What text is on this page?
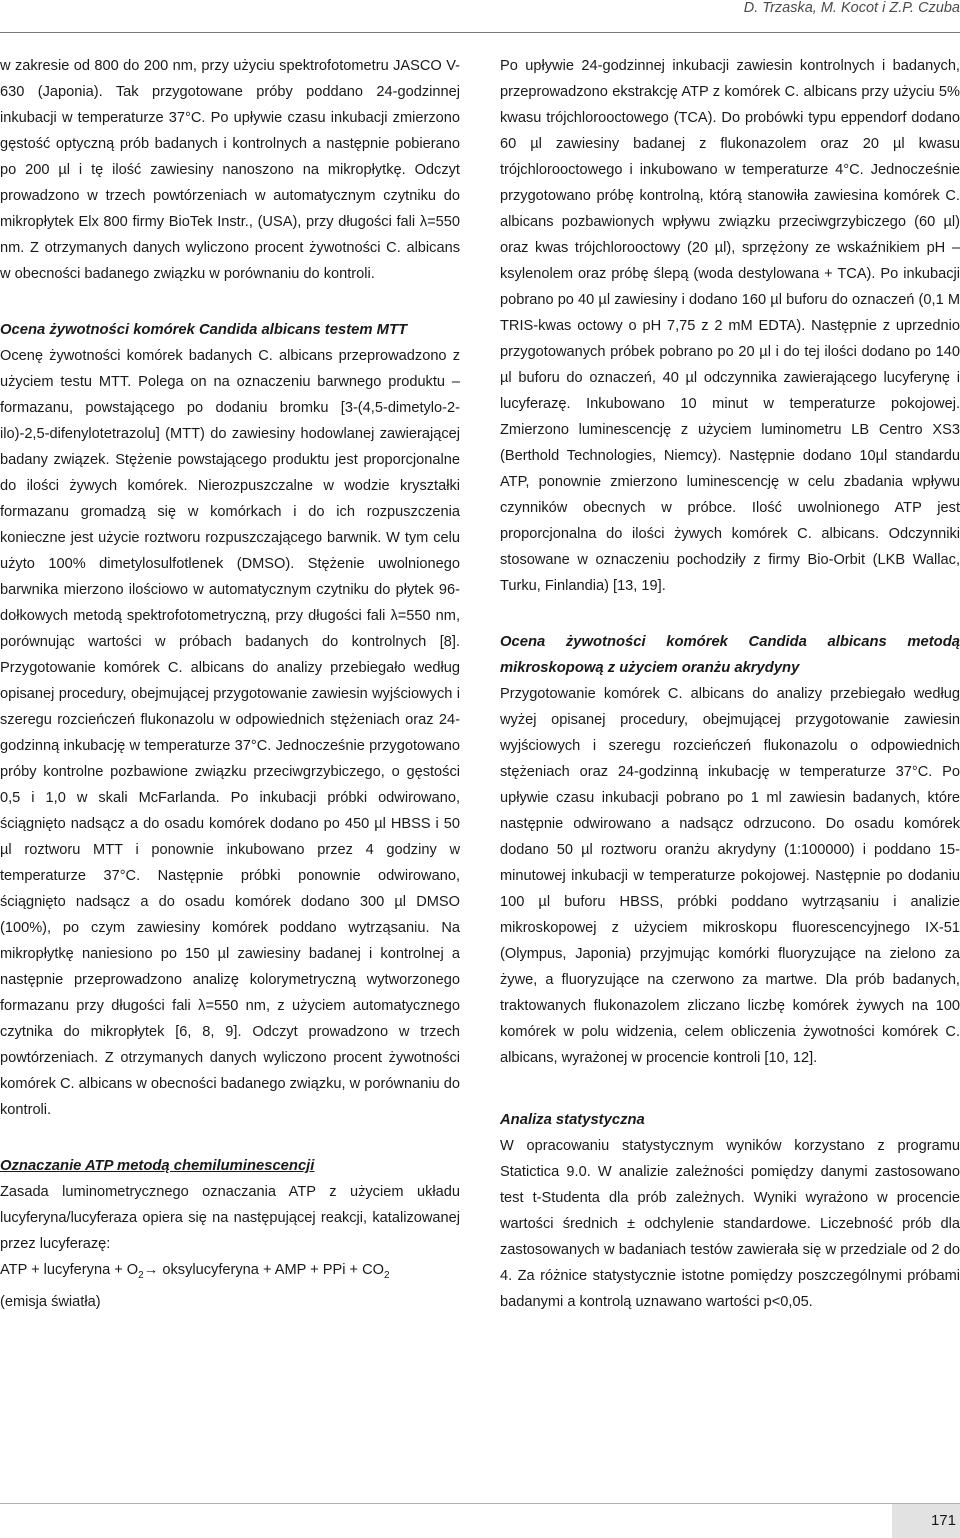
D. Trzaska, M. Kocot i Z.P. Czuba

w zakresie od 800 do 200 nm, przy użyciu spektrofotometru JASCO V-630 (Japonia). Tak przygotowane próby poddano 24-godzinnej inkubacji w temperaturze 37°C. Po upływie czasu inkubacji zmierzono gęstość optyczną prób badanych i kontrolnych a następnie pobierano po 200 µl i tę ilość zawiesiny nanoszono na mikropłytkę. Odczyt prowadzono w trzech powtórzeniach w automatycznym czytniku do mikropłytek Elx 800 firmy BioTek Instr., (USA), przy długości fali λ=550 nm. Z otrzymanych danych wyliczono procent żywotności C. albicans w obecności badanego związku w porównaniu do kontroli.

Ocena żywotności komórek Candida albicans testem MTT

Ocenę żywotności komórek badanych C. albicans przeprowadzono z użyciem testu MTT. Polega on na oznaczeniu barwnego produktu – formazanu, powstającego po dodaniu bromku [3-(4,5-dimetylo-2-ilo)-2,5-difenylotetrazolu] (MTT) do zawiesiny hodowlanej zawierającej badany związek. Stężenie powstającego produktu jest proporcjonalne do ilości żywych komórek. Nierozpuszczalne w wodzie kryształki formazanu gromadzą się w komórkach i do ich rozpuszczenia konieczne jest użycie roztworu rozpuszczającego barwnik. W tym celu użyto 100% dimetylosulfotlenek (DMSO). Stężenie uwolnionego barwnika mierzono ilościowo w automatycznym czytniku do płytek 96-dołkowych metodą spektrofotometryczną, przy długości fali λ=550 nm, porównując wartości w próbach badanych do kontrolnych [8]. Przygotowanie komórek C. albicans do analizy przebiegało według opisanej procedury, obejmującej przygotowanie zawiesin wyjściowych i szeregu rozcieńczeń flukonazolu w odpowiednich stężeniach oraz 24-godzinną inkubację w temperaturze 37°C. Jednocześnie przygotowano próby kontrolne pozbawione związku przeciwgrzybiczego, o gęstości 0,5 i 1,0 w skali McFarlanda. Po inkubacji próbki odwirowano, ściągnięto nadsącz a do osadu komórek dodano po 450 µl HBSS i 50 µl roztworu MTT i ponownie inkubowano przez 4 godziny w temperaturze 37°C. Następnie próbki ponownie odwirowano, ściągnięto nadsącz a do osadu komórek dodano 300 µl DMSO (100%), po czym zawiesiny komórek poddano wytrząsaniu. Na mikropłytkę naniesiono po 150 µl zawiesiny badanej i kontrolnej a następnie przeprowadzono analizę kolorymetryczną wytworzonego formazanu przy długości fali λ=550 nm, z użyciem automatycznego czytnika do mikropłytek [6, 8, 9]. Odczyt prowadzono w trzech powtórzeniach. Z otrzymanych danych wyliczono procent żywotności komórek C. albicans w obecności badanego związku, w porównaniu do kontroli.

Oznaczanie ATP metodą chemiluminescencji

Zasada luminometrycznego oznaczania ATP z użyciem układu lucyferyna/lucyferaza opiera się na następującej reakcji, katalizowanej przez lucyferazę:

ATP + lucyferyna + $O_2\to$ oksylucyferyna + AMP + PPi + $CO_2$

(emisja światła)

Po upływie 24-godzinnej inkubacji zawiesin kontrolnych i badanych, przeprowadzono ekstrakcję ATP z komórek C. albicans przy użyciu 5% kwasu trójchlorooctowego (TCA). Do probówki typu eppendorf dodano 60 µl zawiesiny badanej z flukonazolem oraz 20 µl kwasu trójchlorooctowego i inkubowano w temperaturze 4°C. Jednocześnie przygotowano próbę kontrolną, którą stanowiła zawiesina komórek C. albicans pozbawionych wpływu związku przeciwgrzybiczego (60 µl) oraz kwas trójchlorooctowy (20 µl), sprzężony ze wskaźnikiem pH – ksylenolem oraz próbę ślepą (woda destylowana + TCA). Po inkubacji pobrano po 40 µl zawiesiny i dodano 160 µl buforu do oznaczeń (0,1 M TRIS-kwas octowy o pH 7,75 z 2 mM EDTA). Następnie z uprzednio przygotowanych próbek pobrano po 20 µl i do tej ilości dodano po 140 µl buforu do oznaczeń, 40 µl odczynnika zawierającego lucyferynę i lucyferazę. Inkubowano 10 minut w temperaturze pokojowej. Zmierzono luminescencję z użyciem luminometru LB Centro XS3 (Berthold Technologies, Niemcy). Następnie dodano 10µl standardu ATP, ponownie zmierzono luminescencję w celu zbadania wpływu czynników obecnych w próbce. Ilość uwolnionego ATP jest proporcjonalna do ilości żywych komórek C. albicans. Odczynniki stosowane w oznaczeniu pochodziły z firmy Bio-Orbit (LKB Wallac, Turku, Finlandia) [13, 19].

Ocena żywotności komórek Candida albicans metodą mikroskopową z użyciem oranżu akrydyny

Przygotowanie komórek C. albicans do analizy przebiegało według wyżej opisanej procedury, obejmującej przygotowanie zawiesin wyjściowych i szeregu rozcieńczeń flukonazolu o odpowiednich stężeniach oraz 24-godzinną inkubację w temperaturze 37°C. Po upływie czasu inkubacji pobrano po 1 ml zawiesin badanych, które następnie odwirowano a nadsącz odrzucono. Do osadu komórek dodano 50 µl roztworu oranżu akrydyny (1:100000) i poddano 15-minutowej inkubacji w temperaturze pokojowej. Następnie po dodaniu 100 µl buforu HBSS, próbki poddano wytrząsaniu i analizie mikroskopowej z użyciem mikroskopu fluorescencyjnego IX-51 (Olympus, Japonia) przyjmując komórki fluoryzujące na zielono za żywe, a fluoryzujące na czerwono za martwe. Dla prób badanych, traktowanych flukonazolem zliczano liczbę komórek żywych na 100 komórek w polu widzenia, celem obliczenia żywotności komórek C. albicans, wyrażonej w procencie kontroli [10, 12].

Analiza statystyczna

W opracowaniu statystycznym wyników korzystano z programu Statictica 9.0. W analizie zależności pomiędzy danymi zastosowano test t-Studenta dla prób zależnych. Wyniki wyrażono w procencie wartości średnich ± odchylenie standardowe. Liczebność prób dla zastosowanych w badaniach testów zawierała się w przedziale od 2 do 4. Za różnice statystycznie istotne pomiędzy poszczególnymi próbami badanymi a kontrolą uznawano wartości p<0,05.

171
